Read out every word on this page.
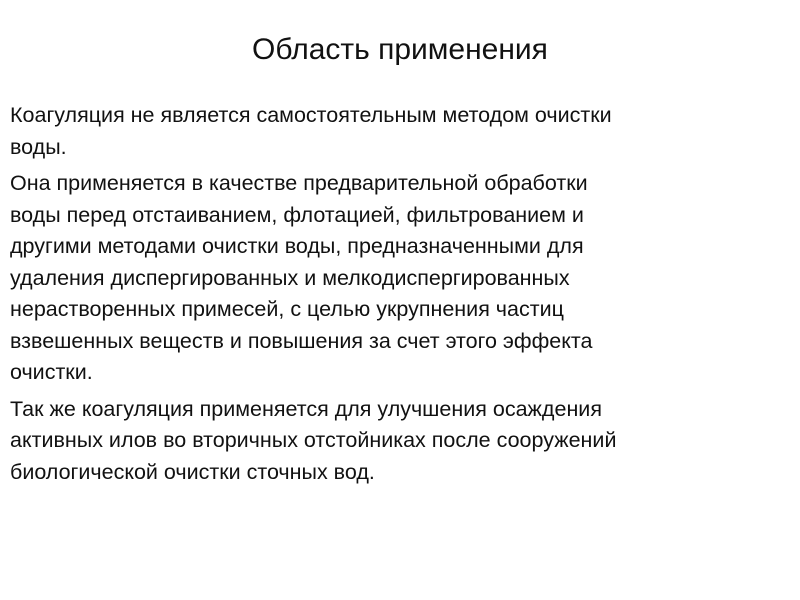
Область применения

Коагуляция не является самостоятельным методом очистки
воды.

Она применяется в качестве предварительной обработки
воды перед отстаиванием, флотацией, фильтрованием и
другими методами очистки воды, предназначенными для
удаления диспергированных и мелкодиспергированных
нерастворенных примесей, с целью укрупнения частиц
взвешенных веществ и повышения за счет этого эффекта
очистки.

Так же коагуляция применяется для улучшения осаждения
активных илов во вторичных отстойниках после сооружений
биологической очистки сточных вод.
